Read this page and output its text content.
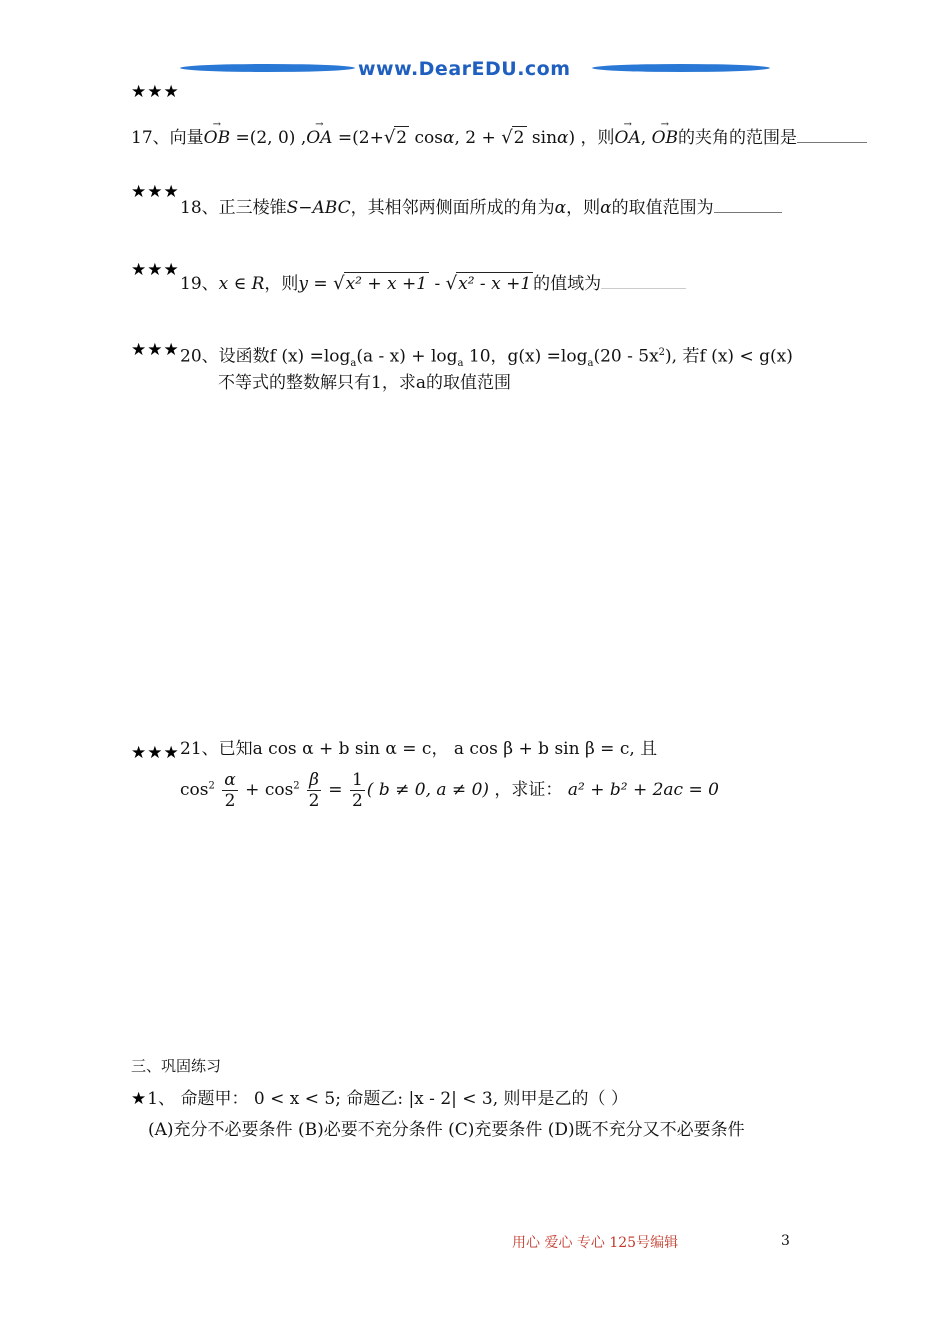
www.DearEDU.com
★★★
17、向量→ OB =(2, 0) ,→ OA =(2+√2 cosα, 2 + √2 sinα) ，则→ OA, → OB的夹角的范围是
★★★
18、正三棱锥S−ABC，其相邻两侧面所成的角为α，则α的取值范围为
★★★
19、x ∈ R，则y = √x² + x +1 - √x² - x +1 的值域为
★★★ 20、设函数f $(x) =\log_a(a - x) + \log_a 10$，$g(x) =\log_a(20 - 5x^2)$, 若f (x) < g(x)
不等式的整数解只有1，求a的取值范围
★★★ 21、已知a cos α + b sin α = c， a cos β + b sin β = c, 且
$\cos^2 \frac{\alpha}{2} + \cos^2 \frac{\beta}{2} = \frac{1}{2}$ ( b ≠ 0, a ≠ 0) ，求证： a² + b² + 2ac = 0
三、巩固练习
★1、 命题甲： 0 < x < 5; 命题乙: |x - 2| < 3, 则甲是乙的（ ）
(A)充分不必要条件 (B)必要不充分条件 (C)充要条件 (D)既不充分又不必要条件
用心 爱心 专心 125号编辑	3
